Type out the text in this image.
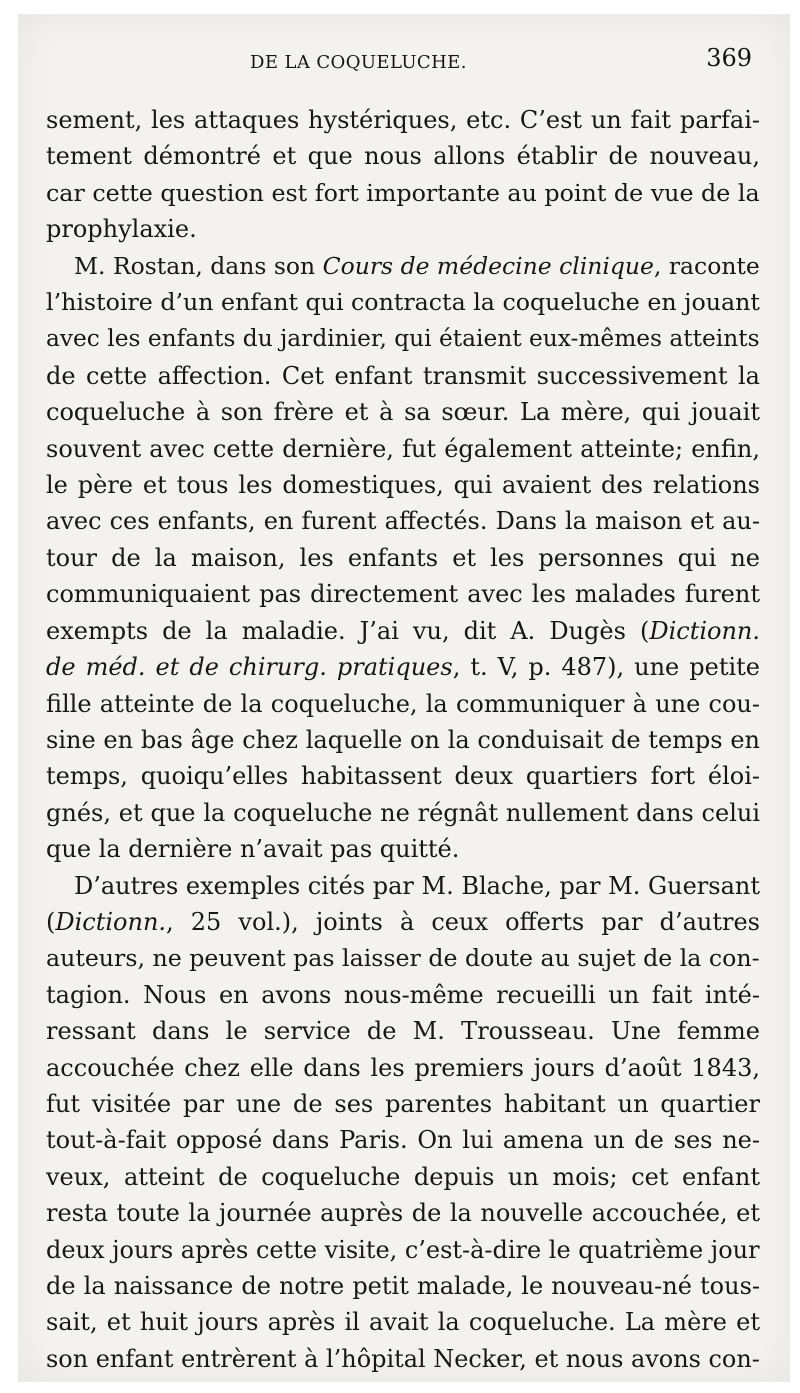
DE LA COQUELUCHE.	369
sement, les attaques hystériques, etc. C’est un fait parfai-
tement démontré et que nous allons établir de nouveau,
car cette question est fort importante au point de vue de la
prophylaxie.
M. Rostan, dans son Cours de médecine clinique, raconte
l’histoire d’un enfant qui contracta la coqueluche en jouant
avec les enfants du jardinier, qui étaient eux-mêmes atteints
de cette affection. Cet enfant transmit successivement la
coqueluche à son frère et à sa sœur. La mère, qui jouait
souvent avec cette dernière, fut également atteinte; enfin,
le père et tous les domestiques, qui avaient des relations
avec ces enfants, en furent affectés. Dans la maison et au-
tour de la maison, les enfants et les personnes qui ne
communiquaient pas directement avec les malades furent
exempts de la maladie. J’ai vu, dit A. Dugès (Dictionn.
de méd. et de chirurg. pratiques, t. V, p. 487), une petite
fille atteinte de la coqueluche, la communiquer à une cou-
sine en bas âge chez laquelle on la conduisait de temps en
temps, quoiqu’elles habitassent deux quartiers fort éloi-
gnés, et que la coqueluche ne régnât nullement dans celui
que la dernière n’avait pas quitté.
D’autres exemples cités par M. Blache, par M. Guersant
(Dictionn., 25 vol.), joints à ceux offerts par d’autres
auteurs, ne peuvent pas laisser de doute au sujet de la con-
tagion. Nous en avons nous-même recueilli un fait inté-
ressant dans le service de M. Trousseau. Une femme
accouchée chez elle dans les premiers jours d’août 1843,
fut visitée par une de ses parentes habitant un quartier
tout-à-fait opposé dans Paris. On lui amena un de ses ne-
veux, atteint de coqueluche depuis un mois; cet enfant
resta toute la journée auprès de la nouvelle accouchée, et
deux jours après cette visite, c’est-à-dire le quatrième jour
de la naissance de notre petit malade, le nouveau-né tous-
sait, et huit jours après il avait la coqueluche. La mère et
son enfant entrèrent à l’hôpital Necker, et nous avons con-
